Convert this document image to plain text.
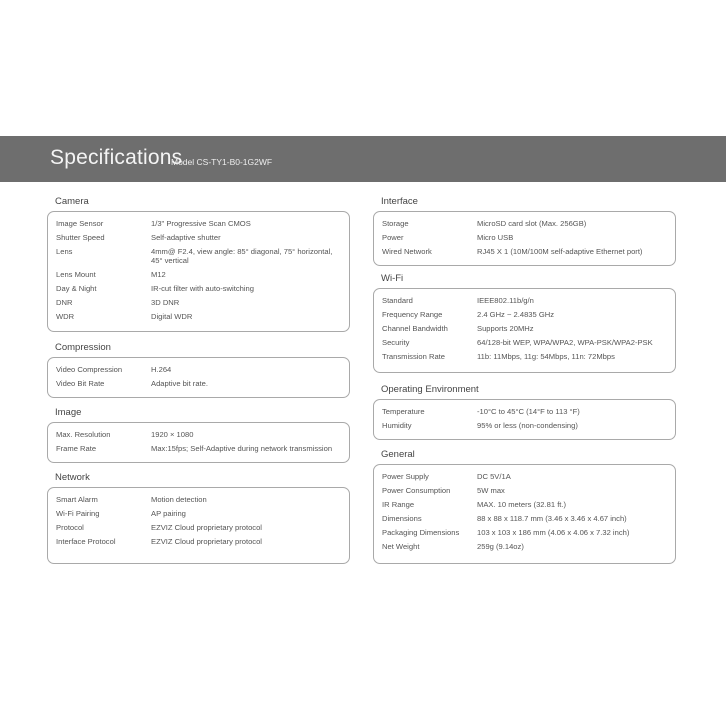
Specifications
Model CS-TY1-B0-1G2WF
Camera
Image Sensor	1/3" Progressive Scan CMOS
Shutter Speed	Self-adaptive shutter
Lens	4mm@ F2.4, view angle: 85° diagonal, 75° horizontal, 45° vertical
Lens Mount	M12
Day & Night	IR-cut filter with auto-switching
DNR	3D DNR
WDR	Digital WDR
Compression
Video Compression	H.264
Video Bit Rate	Adaptive bit rate.
Image
Max. Resolution	1920 × 1080
Frame Rate	Max:15fps; Self-Adaptive during network transmission
Network
Smart Alarm	Motion detection
Wi-Fi Pairing	AP pairing
Protocol	EZVIZ Cloud proprietary protocol
Interface Protocol	EZVIZ Cloud proprietary protocol
Interface
Storage	MicroSD card slot (Max. 256GB)
Power	Micro USB
Wired Network	RJ45 X 1 (10M/100M self-adaptive Ethernet port)
Wi-Fi
Standard	IEEE802.11b/g/n
Frequency Range	2.4 GHz ~ 2.4835 GHz
Channel Bandwidth	Supports 20MHz
Security	64/128-bit WEP, WPA/WPA2, WPA-PSK/WPA2-PSK
Transmission Rate	11b: 11Mbps, 11g: 54Mbps, 11n: 72Mbps
Operating Environment
Temperature	-10°C to 45°C (14°F to 113 °F)
Humidity	95% or less (non-condensing)
General
Power Supply	DC 5V/1A
Power Consumption	5W max
IR Range	MAX. 10 meters (32.81 ft.)
Dimensions	88 x 88 x 118.7 mm (3.46 x 3.46 x 4.67 inch)
Packaging Dimensions	103 x 103 x 186 mm (4.06 x 4.06 x 7.32 inch)
Net Weight	259g (9.14oz)
